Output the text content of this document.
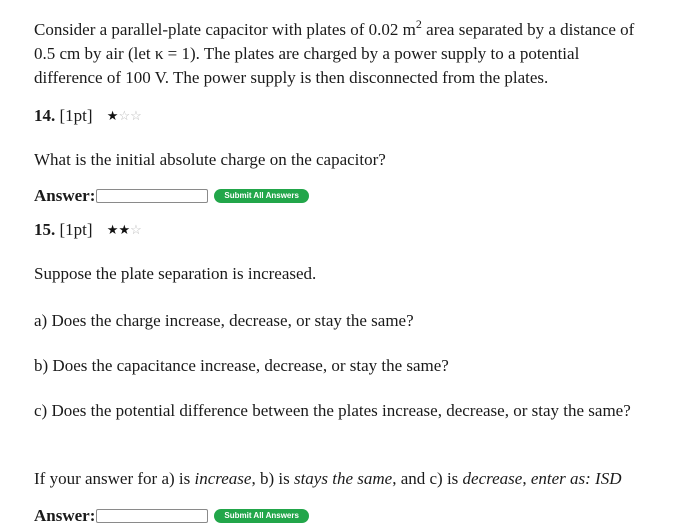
Consider a parallel-plate capacitor with plates of 0.02 $m^2$ area separated by a distance of
0.5 cm by air (let κ = 1). The plates are charged by a power supply to a potential
difference of 100 V. The power supply is then disconnected from the plates.
14. [1pt] ★☆☆
What is the initial absolute charge on the capacitor?
Answer:	Submit All Answers
15. [1pt] ★★☆
Suppose the plate separation is increased.
a) Does the charge increase, decrease, or stay the same?
b) Does the capacitance increase, decrease, or stay the same?
c) Does the potential difference between the plates increase, decrease, or stay the same?
If your answer for a) is increase, b) is stays the same, and c) is decrease, enter as: ISD
Answer:	Submit All Answers
